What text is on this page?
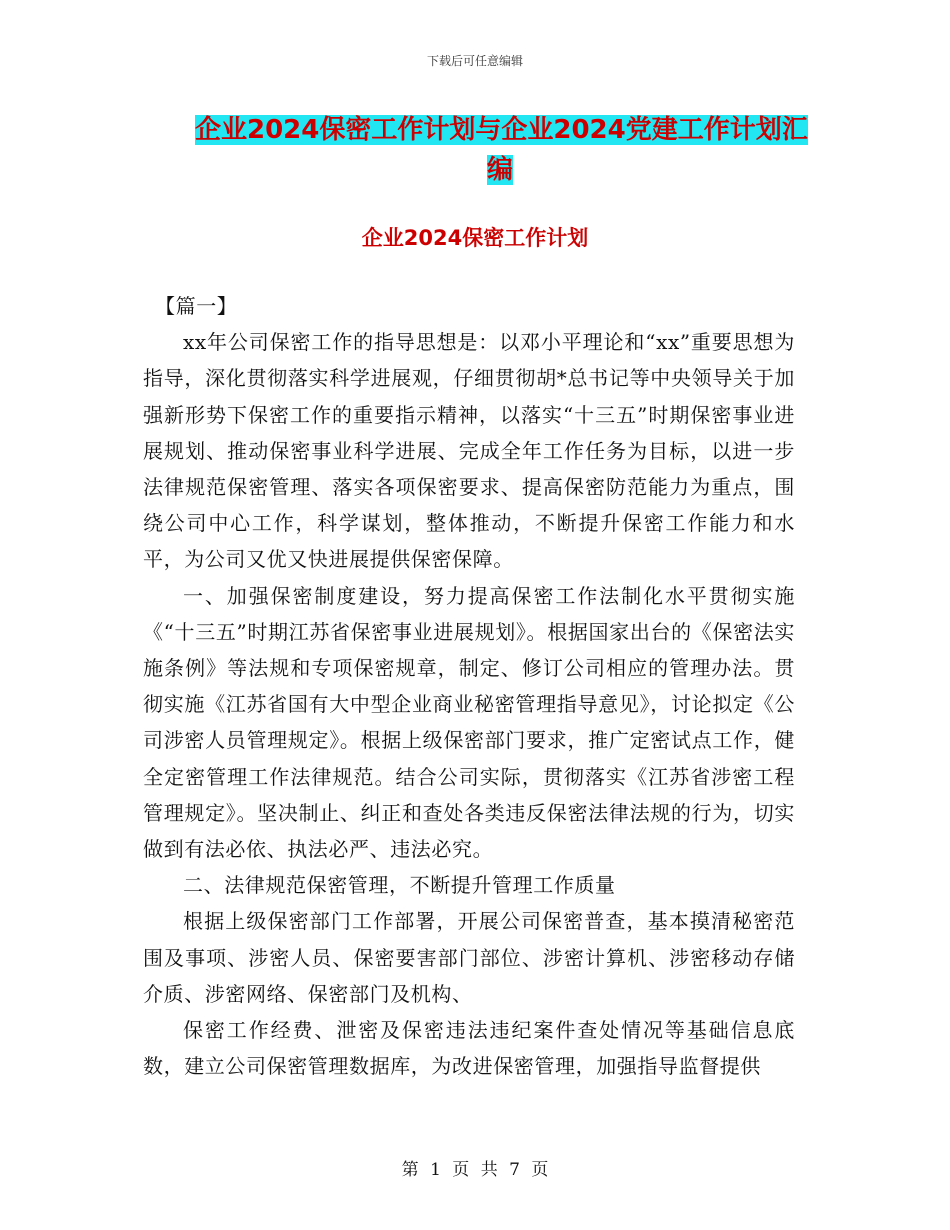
下载后可任意编辑
企业2024保密工作计划与企业2024党建工作计划汇
编
企业2024保密工作计划

【篇一】

xx年公司保密工作的指导思想是：以邓小平理论和“xx”重要思想为指导，深化贯彻落实科学进展观，仔细贯彻胡*总书记等中央领导关于加强新形势下保密工作的重要指示精神，以落实“十三五”时期保密事业进展规划、推动保密事业科学进展、完成全年工作任务为目标，以进一步法律规范保密管理、落实各项保密要求、提高保密防范能力为重点，围绕公司中心工作，科学谋划，整体推动，不断提升保密工作能力和水平，为公司又优又快进展提供保密保障。

一、加强保密制度建设，努力提高保密工作法制化水平贯彻实施《“十三五”时期江苏省保密事业进展规划》。根据国家出台的《保密法实施条例》等法规和专项保密规章，制定、修订公司相应的管理办法。贯彻实施《江苏省国有大中型企业商业秘密管理指导意见》，讨论拟定《公司涉密人员管理规定》。根据上级保密部门要求，推广定密试点工作，健全定密管理工作法律规范。结合公司实际，贯彻落实《江苏省涉密工程管理规定》。坚决制止、纠正和查处各类违反保密法律法规的行为，切实做到有法必依、执法必严、违法必究。

二、法律规范保密管理，不断提升管理工作质量

根据上级保密部门工作部署，开展公司保密普查，基本摸清秘密范围及事项、涉密人员、保密要害部门部位、涉密计算机、涉密移动存储介质、涉密网络、保密部门及机构、

保密工作经费、泄密及保密违法违纪案件查处情况等基础信息底数，建立公司保密管理数据库，为改进保密管理，加强指导监督提供

第 1 页 共 7 页
